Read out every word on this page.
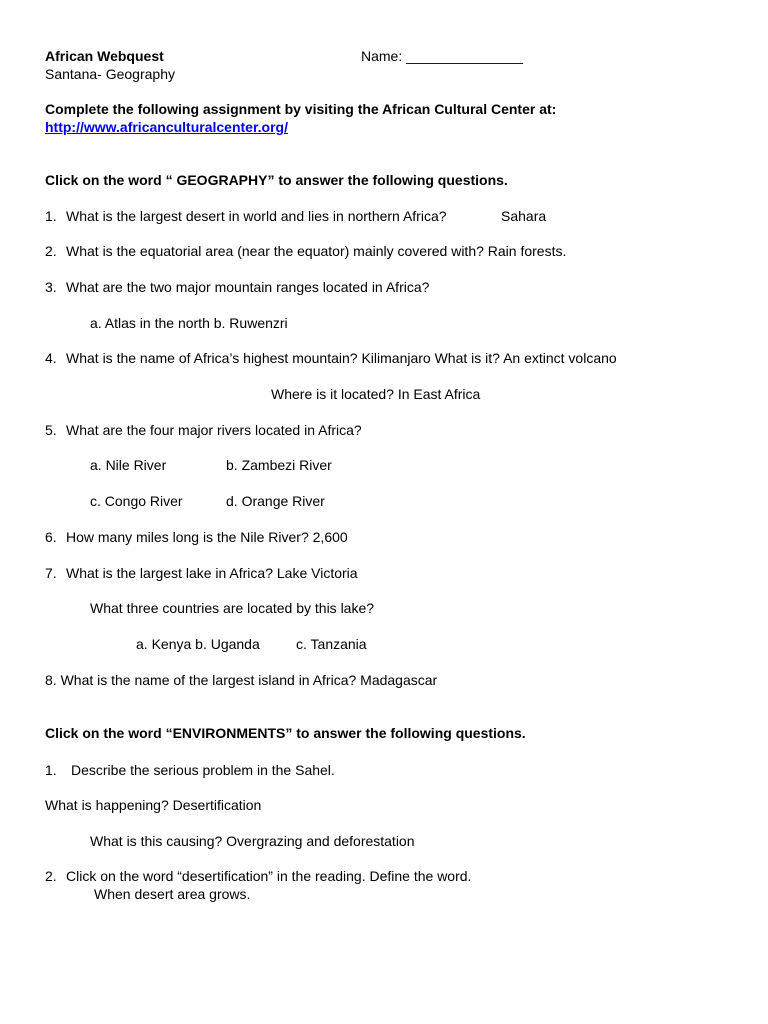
African Webquest	Name: _______________
Santana- Geography
Complete the following assignment by visiting the African Cultural Center at:
http://www.africanculturalcenter.org/
Click on the word “ GEOGRAPHY” to answer the following questions.
1. What is the largest desert in world and lies in northern Africa?	Sahara
2. What is the equatorial area (near the equator) mainly covered with? Rain forests.
3. What are the two major mountain ranges located in Africa?
a. Atlas in the north b. Ruwenzri
4. What is the name of Africa’s highest mountain? Kilimanjaro What is it? An extinct volcano
Where is it located? In East Africa
5. What are the four major rivers located in Africa?
a. Nile River	b. Zambezi River
c. Congo River	d. Orange River
6. How many miles long is the Nile River? 2,600
7. What is the largest lake in Africa? Lake Victoria
What three countries are located by this lake?
a. Kenya b. Uganda	c. Tanzania
8. What is the name of the largest island in Africa? Madagascar
Click on the word “ENVIRONMENTS” to answer the following questions.
1. Describe the serious problem in the Sahel.
What is happening? Desertification
What is this causing? Overgrazing and deforestation
2. Click on the word “desertification” in the reading. Define the word.
When desert area grows.
